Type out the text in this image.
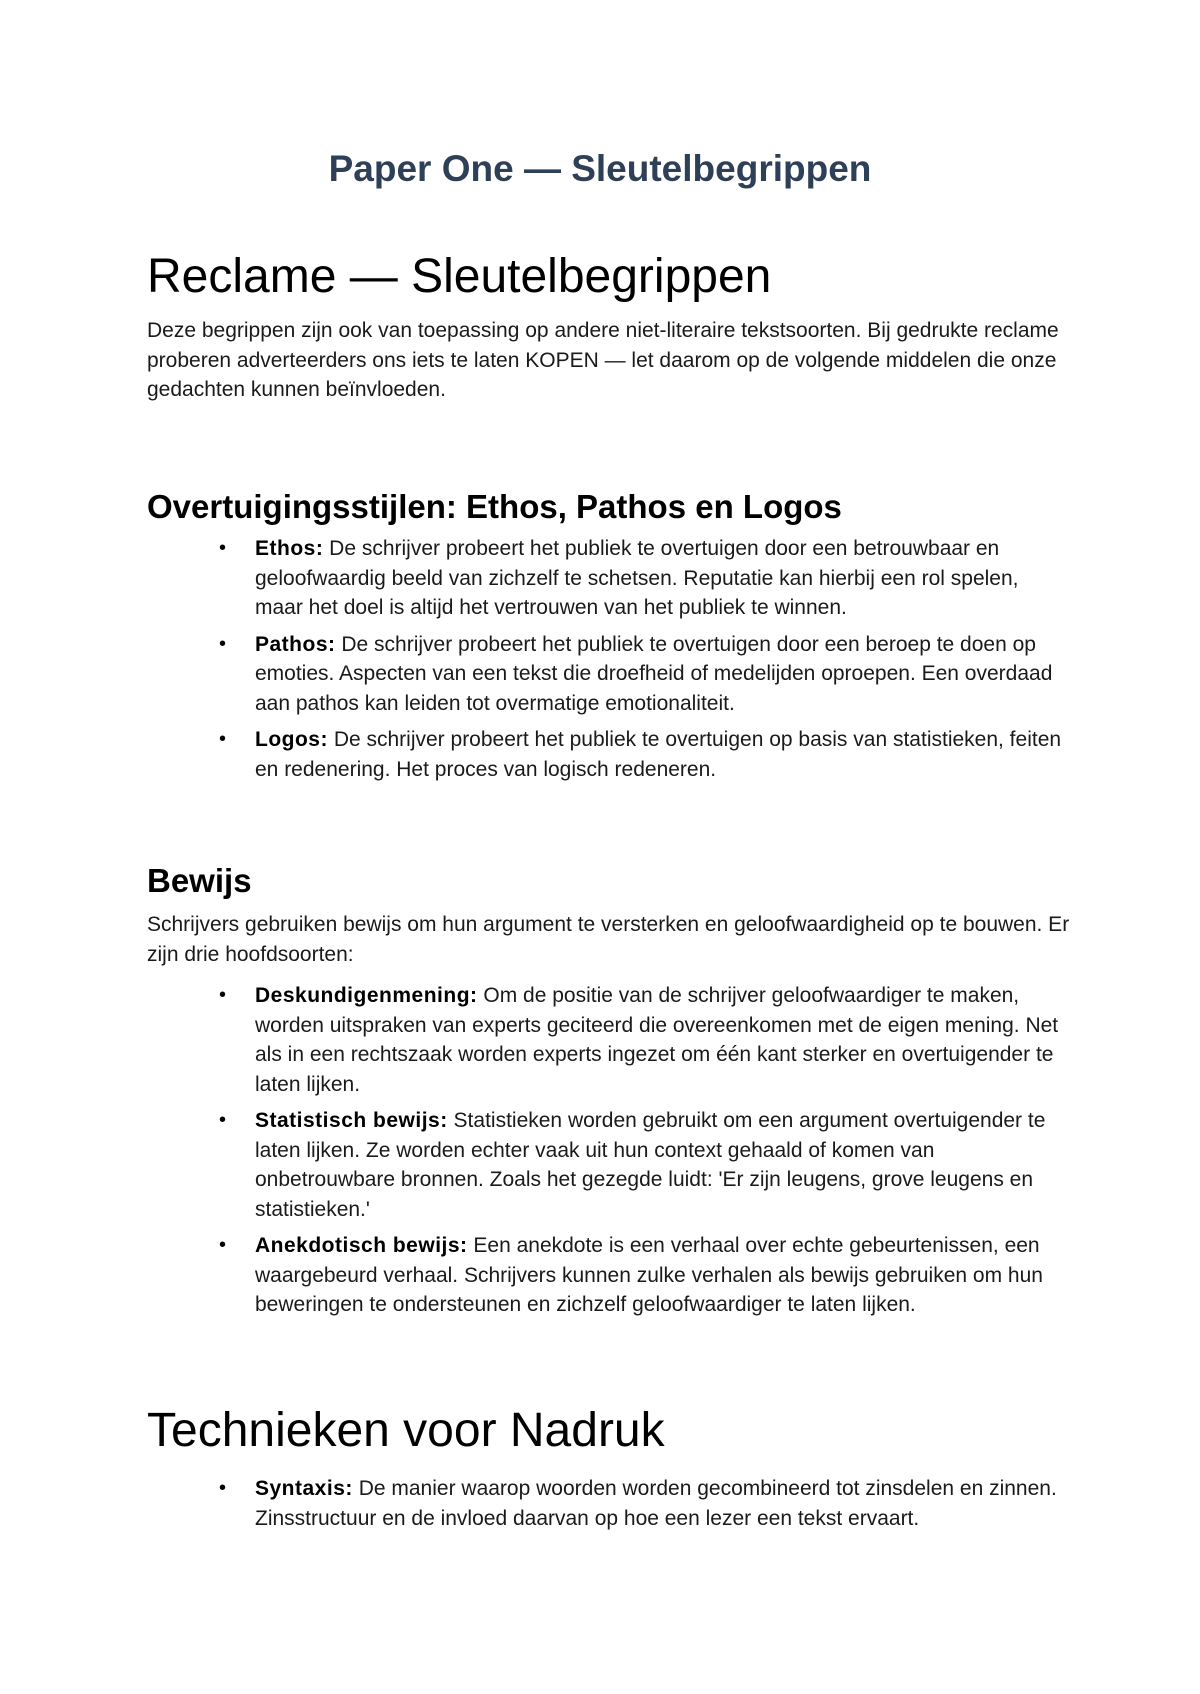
Paper One — Sleutelbegrippen
Reclame — Sleutelbegrippen

Deze begrippen zijn ook van toepassing op andere niet-literaire tekstsoorten. Bij gedrukte reclame proberen adverteerders ons iets te laten KOPEN — let daarom op de volgende middelen die onze gedachten kunnen beïnvloeden.

Overtuigingsstijlen: Ethos, Pathos en Logos
• Ethos: De schrijver probeert het publiek te overtuigen door een betrouwbaar en geloofwaardig beeld van zichzelf te schetsen. Reputatie kan hierbij een rol spelen, maar het doel is altijd het vertrouwen van het publiek te winnen.
• Pathos: De schrijver probeert het publiek te overtuigen door een beroep te doen op emoties. Aspecten van een tekst die droefheid of medelijden oproepen. Een overdaad aan pathos kan leiden tot overmatige emotionaliteit.
• Logos: De schrijver probeert het publiek te overtuigen op basis van statistieken, feiten en redenering. Het proces van logisch redeneren.
Bewijs

Schrijvers gebruiken bewijs om hun argument te versterken en geloofwaardigheid op te bouwen. Er zijn drie hoofdsoorten:

• Deskundigenmening: Om de positie van de schrijver geloofwaardiger te maken, worden uitspraken van experts geciteerd die overeenkomen met de eigen mening. Net als in een rechtszaak worden experts ingezet om één kant sterker en overtuigender te laten lijken.
• Statistisch bewijs: Statistieken worden gebruikt om een argument overtuigender te laten lijken. Ze worden echter vaak uit hun context gehaald of komen van onbetrouwbare bronnen. Zoals het gezegde luidt: 'Er zijn leugens, grove leugens en statistieken.'
• Anekdotisch bewijs: Een anekdote is een verhaal over echte gebeurtenissen, een waargebeurd verhaal. Schrijvers kunnen zulke verhalen als bewijs gebruiken om hun beweringen te ondersteunen en zichzelf geloofwaardiger te laten lijken.
Technieken voor Nadruk
• Syntaxis: De manier waarop woorden worden gecombineerd tot zinsdelen en zinnen. Zinsstructuur en de invloed daarvan op hoe een lezer een tekst ervaart.
